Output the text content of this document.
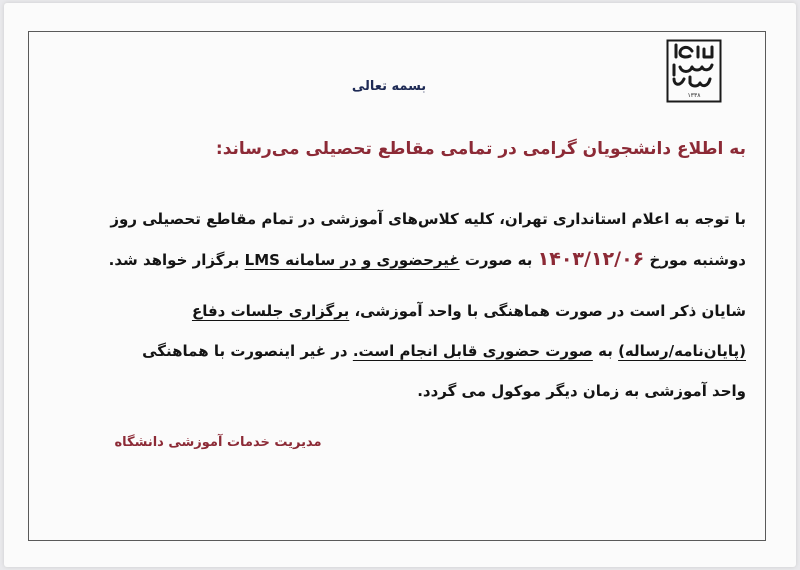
۱۳۳۸
بسمه تعالی
به اطلاع دانشجویان گرامی در تمامی مقاطع تحصیلی می‌رساند:
با توجه به اعلام استانداری تهران، کلیه کلاس‌های آموزشی در تمام مقاطع تحصیلی روز
دوشنبه مورخ ۱۴۰۳/۱۲/۰۶ به صورت غیرحضوری و در سامانه LMS برگزار خواهد شد.
شایان ذکر است در صورت هماهنگی با واحد آموزشی، برگزاری جلسات دفاع
(پایان‌نامه/رساله) به صورت حضوری قابل انجام است. در غیر اینصورت با هماهنگی
واحد آموزشی به زمان دیگر موکول می گردد.
مدیریت خدمات آموزشی دانشگاه
